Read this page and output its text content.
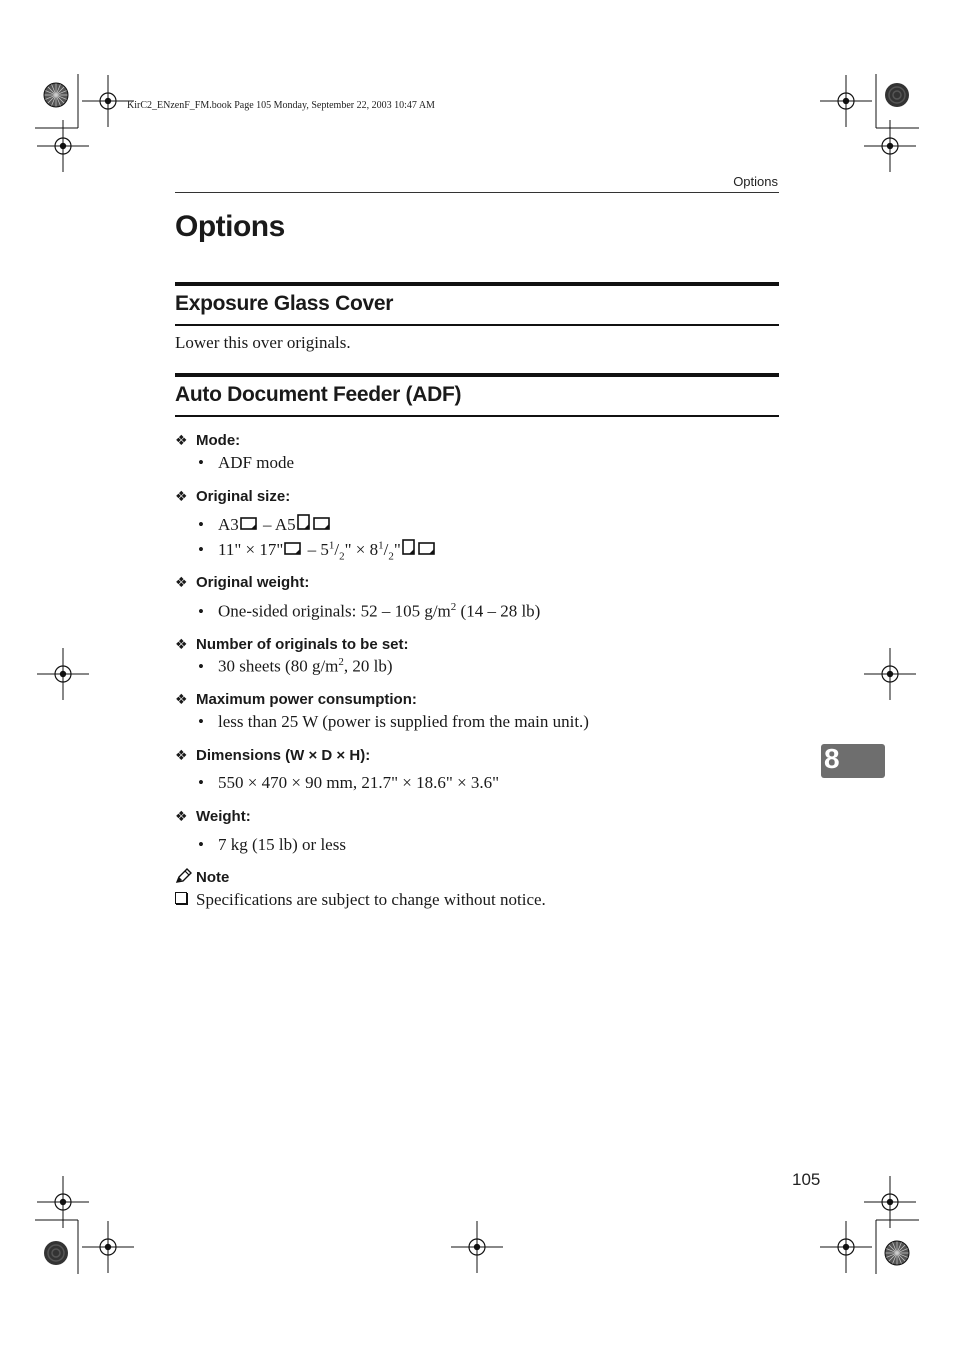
KirC2_ENzenF_FM.book Page 105 Monday, September 22, 2003 10:47 AM
Options
Options
Exposure Glass Cover
Lower this over originals.
Auto Document Feeder (ADF)
❖ Mode:
• ADF mode
❖ Original size:
• A3 – A5
• 11" × 17" – $5^1/_2$" × $8^1/_2$"
❖ Original weight:
• One-sided originals: 52 – 105 $g/m^2$ (14 – 28 lb)
❖ Number of originals to be set:
• 30 sheets (80 $g/m^2$, 20 lb)
❖ Maximum power consumption:
• less than 25 W (power is supplied from the main unit.)
❖ Dimensions (W × D × H):
• 550 × 470 × 90 mm, 21.7" × 18.6" × 3.6"
❖ Weight:
• 7 kg (15 lb) or less
Note
Specifications are subject to change without notice.
8
105
